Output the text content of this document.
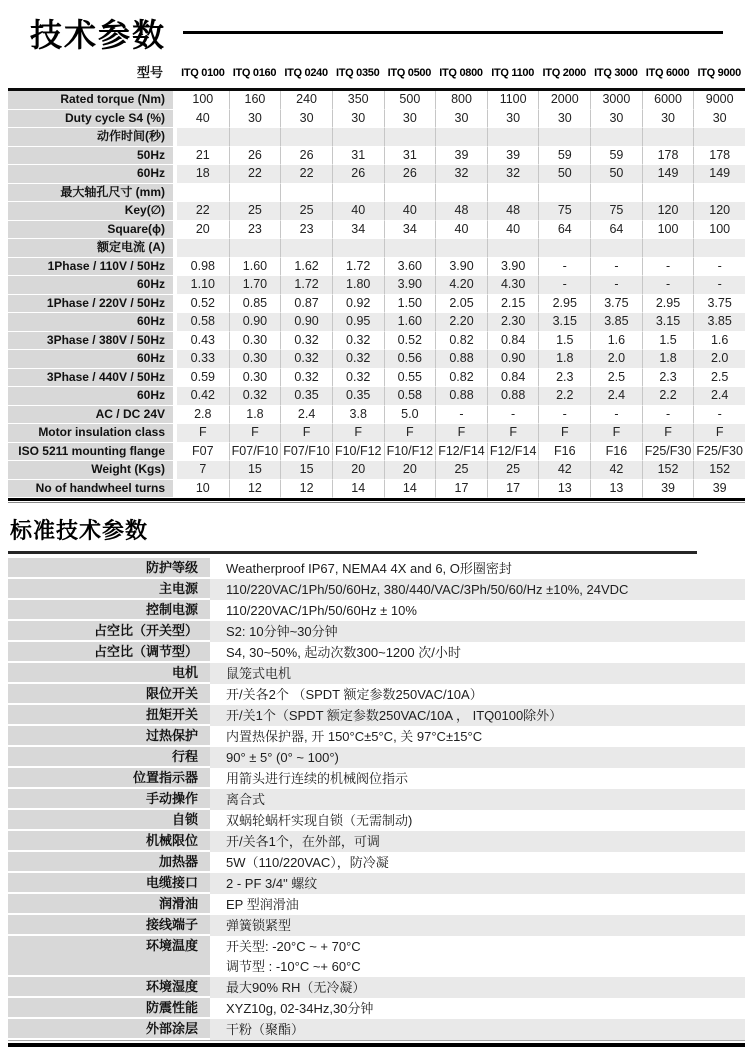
技术参数
型号	ITQ 0100 ITQ 0160 ITQ 0240 ITQ 0350 ITQ 0500 ITQ 0800 ITQ 1100 ITQ 2000 ITQ 3000 ITQ 6000 ITQ 9000
Rated torque (Nm)	100	160	240	350	500	800	1100	2000	3000	6000	9000
Duty cycle S4 (%)	40	30	30	30	30	30	30	30	30	30	30
动作时间(秒)
50Hz	21	26	26	31	31	39	39	59	59	178	178
60Hz	18	22	22	26	26	32	32	50	50	149	149
最大轴孔尺寸 (mm)
Key(∅)	22	25	25	40	40	48	48	75	75	120	120
Square(ϕ)	20	23	23	34	34	40	40	64	64	100	100
额定电流 (A)
1Phase / 110V / 50Hz	0.98	1.60	1.62	1.72	3.60	3.90	3.90	-	-	-	-
60Hz	1.10	1.70	1.72	1.80	3.90	4.20	4.30	-	-	-	-
1Phase / 220V / 50Hz	0.52	0.85	0.87	0.92	1.50	2.05	2.15	2.95	3.75	2.95	3.75
60Hz	0.58	0.90	0.90	0.95	1.60	2.20	2.30	3.15	3.85	3.15	3.85
3Phase / 380V / 50Hz	0.43	0.30	0.32	0.32	0.52	0.82	0.84	1.5	1.6	1.5	1.6
60Hz	0.33	0.30	0.32	0.32	0.56	0.88	0.90	1.8	2.0	1.8	2.0
3Phase / 440V / 50Hz	0.59	0.30	0.32	0.32	0.55	0.82	0.84	2.3	2.5	2.3	2.5
60Hz	0.42	0.32	0.35	0.35	0.58	0.88	0.88	2.2	2.4	2.2	2.4
AC / DC 24V	2.8	1.8	2.4	3.8	5.0	-	-	-	-	-	-
Motor insulation class	F	F	F	F	F	F	F	F	F	F	F
ISO 5211 mounting flange	F07	F07/F10 F07/F10 F10/F12 F10/F12 F12/F14 F12/F14	F16	F16	F25/F30 F25/F30
Weight (Kgs)	7	15	15	20	20	25	25	42	42	152	152
No of handwheel turns	10	12	12	14	14	17	17	13	13	39	39
标准技术参数
防护等级	Weatherproof IP67, NEMA4 4X and 6, O形圈密封
主电源	110/220VAC/1Ph/50/60Hz, 380/440/VAC/3Ph/50/60/Hz ±10%, 24VDC
控制电源	110/220VAC/1Ph/50/60Hz ± 10%
占空比（开关型）	S2: 10分钟~30分钟
占空比（调节型）	S4, 30~50%, 起动次数300~1200 次/小时
电机	鼠笼式电机
限位开关	开/关各2个 （SPDT 额定参数250VAC/10A）
扭矩开关	开/关1个（SPDT 额定参数250VAC/10A ， ITQ0100除外）
过热保护	内置热保护器, 开 150°C±5°C, 关 97°C±15°C
行程	90° ± 5° (0° ~ 100°)
位置指示器	用箭头进行连续的机械阀位指示
手动操作	离合式
自锁	双蜗轮蜗杆实现自锁（无需制动)
机械限位	开/关各1个，在外部，可调
加热器	5W（110/220VAC），防冷凝
电缆接口	2 - PF 3/4" 螺纹
润滑油	EP 型润滑油
接线端子	弹簧锁紧型
环境温度	开关型: -20°C ~ + 70°C
调节型 : -10°C ~+ 60°C
环境湿度	最大90% RH（无冷凝）
防震性能	XYZ10g, 02-34Hz,30分钟
外部涂层	干粉（聚酯）
